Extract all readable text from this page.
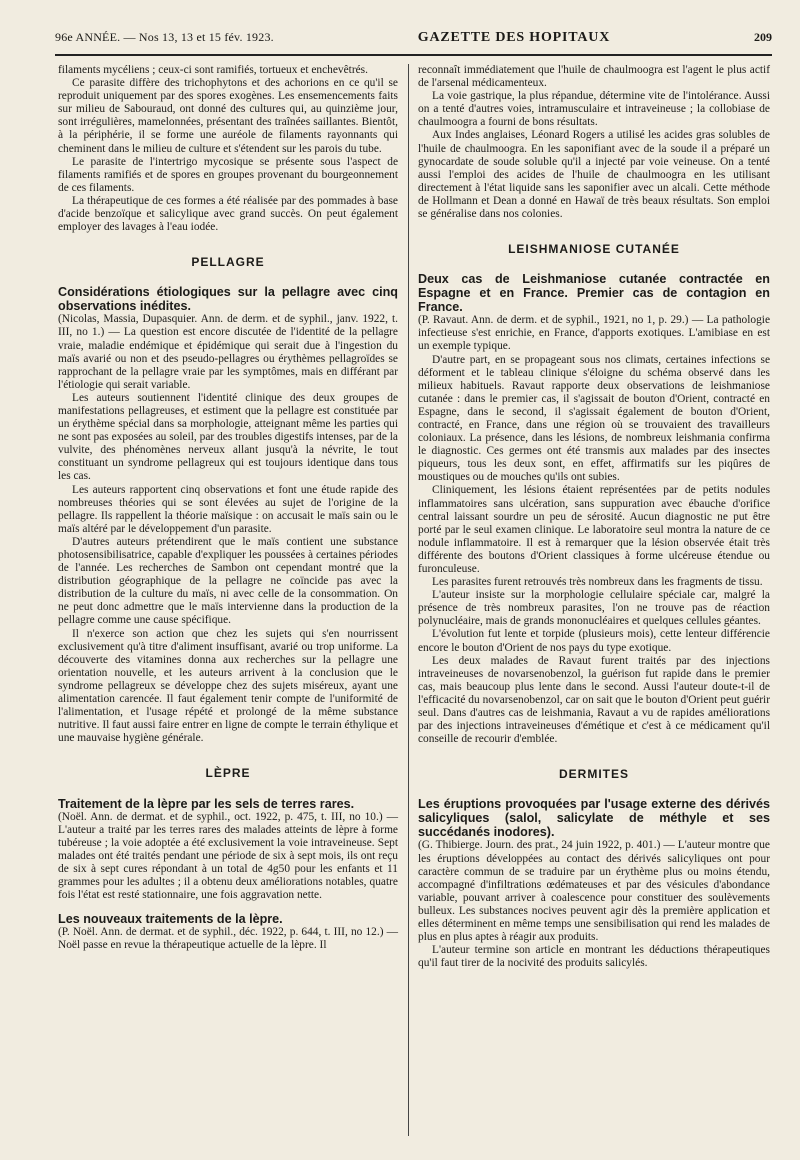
96e ANNÉE. — Nos 13, 13 et 15 fév. 1923.	GAZETTE DES HOPITAUX	209

filaments mycéliens ; ceux-ci sont ramifiés, tortueux et enchevêtrés.

Ce parasite diffère des trichophytons et des achorions en ce qu'il se reproduit uniquement par des spores exogènes. Les ensemencements faits sur milieu de Sabouraud, ont donné des cultures qui, au quinzième jour, sont irrégulières, mamelonnées, présentant des traînées saillantes. Bientôt, à la périphérie, il se forme une auréole de filaments rayonnants qui cheminent dans le milieu de culture et s'étendent sur les parois du tube.

Le parasite de l'intertrigo mycosique se présente sous l'aspect de filaments ramifiés et de spores en groupes provenant du bourgeonnement de ces filaments.

La thérapeutique de ces formes a été réalisée par des pommades à base d'acide benzoïque et salicylique avec grand succès. On peut également employer des lavages à l'eau iodée.

PELLAGRE

Considérations étiologiques sur la pellagre avec cinq observations inédites.

(Nicolas, Massia, Dupasquier. Ann. de derm. et de syphil., janv. 1922, t. III, no 1.) — La question est encore discutée de l'identité de la pellagre vraie, maladie endémique et épidémique qui serait due à l'ingestion du maïs avarié ou non et des pseudo-pellagres ou érythèmes pellagroïdes se rapprochant de la pellagre vraie par les symptômes, mais en différant par l'étiologie qui serait variable.

Les auteurs soutiennent l'identité clinique des deux groupes de manifestations pellagreuses, et estiment que la pellagre est constituée par un érythème spécial dans sa morphologie, atteignant même les parties qui ne sont pas exposées au soleil, par des troubles digestifs intenses, par de la vulvite, des phénomènes nerveux allant jusqu'à la névrite, le tout constituant un syndrome pellagreux qui est toujours identique dans tous les cas.

Les auteurs rapportent cinq observations et font une étude rapide des nombreuses théories qui se sont élevées au sujet de l'origine de la pellagre. Ils rappellent la théorie maïsique : on accusait le maïs sain ou le maïs altéré par le développement d'un parasite.

D'autres auteurs prétendirent que le maïs contient une substance photosensibilisatrice, capable d'expliquer les poussées à certaines périodes de l'année. Les recherches de Sambon ont cependant montré que la distribution géographique de la pellagre ne coïncide pas avec la distribution de la culture du maïs, ni avec celle de la consommation. On ne peut donc admettre que le maïs intervienne dans la production de la pellagre comme une cause spécifique.

Il n'exerce son action que chez les sujets qui s'en nourrissent exclusivement qu'à titre d'aliment insuffisant, avarié ou trop uniforme. La découverte des vitamines donna aux recherches sur la pellagre une orientation nouvelle, et les auteurs arrivent à la conclusion que le syndrome pellagreux se développe chez des sujets miséreux, ayant une alimentation carencée. Il faut également tenir compte de l'uniformité de l'alimentation, et l'usage répété et prolongé de la même substance nutritive. Il faut aussi faire entrer en ligne de compte le terrain éthylique et une mauvaise hygiène générale.

LÈPRE

Traitement de la lèpre par les sels de terres rares.

(Noël. Ann. de dermat. et de syphil., oct. 1922, p. 475, t. III, no 10.) — L'auteur a traité par les terres rares des malades atteints de lèpre à forme tubéreuse ; la voie adoptée a été exclusivement la voie intraveineuse. Sept malades ont été traités pendant une période de six à sept mois, ils ont reçu de six à sept cures répondant à un total de 4g50 pour les enfants et 11 grammes pour les adultes ; il a obtenu deux améliorations notables, quatre fois l'état est resté stationnaire, une fois aggravation nette.

Les nouveaux traitements de la lèpre.

(P. Noël. Ann. de dermat. et de syphil., déc. 1922, p. 644, t. III, no 12.) — Noël passe en revue la thérapeutique actuelle de la lèpre. Il

reconnaît immédiatement que l'huile de chaulmoogra est l'agent le plus actif de l'arsenal médicamenteux.

La voie gastrique, la plus répandue, détermine vite de l'intolérance. Aussi on a tenté d'autres voies, intramusculaire et intraveineuse ; la collobiase de chaulmoogra a fourni de bons résultats.

Aux Indes anglaises, Léonard Rogers a utilisé les acides gras solubles de l'huile de chaulmoogra. En les saponifiant avec de la soude il a préparé un gynocardate de soude soluble qu'il a injecté par voie veineuse. On a tenté aussi l'emploi des acides de l'huile de chaulmoogra en les utilisant directement à l'état liquide sans les saponifier avec un alcali. Cette méthode de Hollmann et Dean a donné en Hawaï de très beaux résultats. Son emploi se généralise dans nos colonies.

LEISHMANIOSE CUTANÉE

Deux cas de Leishmaniose cutanée contractée en Espagne et en France. Premier cas de contagion en France.

(P. Ravaut. Ann. de derm. et de syphil., 1921, no 1, p. 29.) — La pathologie infectieuse s'est enrichie, en France, d'apports exotiques. L'amibiase en est un exemple typique.

D'autre part, en se propageant sous nos climats, certaines infections se déforment et le tableau clinique s'éloigne du schéma observé dans les milieux habituels. Ravaut rapporte deux observations de leishmaniose cutanée : dans le premier cas, il s'agissait de bouton d'Orient, contracté en Espagne, dans le second, il s'agissait également de bouton d'Orient, contracté, en France, dans une région où se trouvaient des travailleurs coloniaux. La présence, dans les lésions, de nombreux leishmania confirma le diagnostic. Ces germes ont été transmis aux malades par des insectes piqueurs, tous les deux sont, en effet, affirmatifs sur les piqûres de moustiques ou de mouches qu'ils ont subies.

Cliniquement, les lésions étaient représentées par de petits nodules inflammatoires sans ulcération, sans suppuration avec ébauche d'orifice central laissant sourdre un peu de sérosité. Aucun diagnostic ne put être porté par le seul examen clinique. Le laboratoire seul montra la nature de ce nodule inflammatoire. Il est à remarquer que la lésion observée était très différente des boutons d'Orient classiques à forme ulcéreuse étendue ou furonculeuse.

Les parasites furent retrouvés très nombreux dans les fragments de tissu.

L'auteur insiste sur la morphologie cellulaire spéciale car, malgré la présence de très nombreux parasites, l'on ne trouve pas de réaction polynucléaire, mais de grands mononucléaires et quelques cellules géantes.

L'évolution fut lente et torpide (plusieurs mois), cette lenteur différencie encore le bouton d'Orient de nos pays du type exotique.

Les deux malades de Ravaut furent traités par des injections intraveineuses de novarsenobenzol, la guérison fut rapide dans le premier cas, mais beaucoup plus lente dans le second. Aussi l'auteur doute-t-il de l'efficacité du novarsenobenzol, car on sait que le bouton d'Orient peut guérir seul. Dans d'autres cas de leishmania, Ravaut a vu de rapides améliorations par des injections intraveineuses d'émétique et c'est à ce médicament qu'il conseille de recourir d'emblée.

DERMITES

Les éruptions provoquées par l'usage externe des dérivés salicyliques (salol, salicylate de méthyle et ses succédanés inodores).

(G. Thibierge. Journ. des prat., 24 juin 1922, p. 401.) — L'auteur montre que les éruptions développées au contact des dérivés salicyliques ont pour caractère commun de se traduire par un érythème plus ou moins étendu, accompagné d'infiltrations œdémateuses et par des vésicules d'abondance variable, pouvant arriver à coalescence pour constituer des soulèvements bulleux. Les substances nocives peuvent agir dès la première application et elles déterminent en même temps une sensibilisation qui rend les malades de plus en plus aptes à réagir aux produits.

L'auteur termine son article en montrant les déductions thérapeutiques qu'il faut tirer de la nocivité des produits salicylés.
